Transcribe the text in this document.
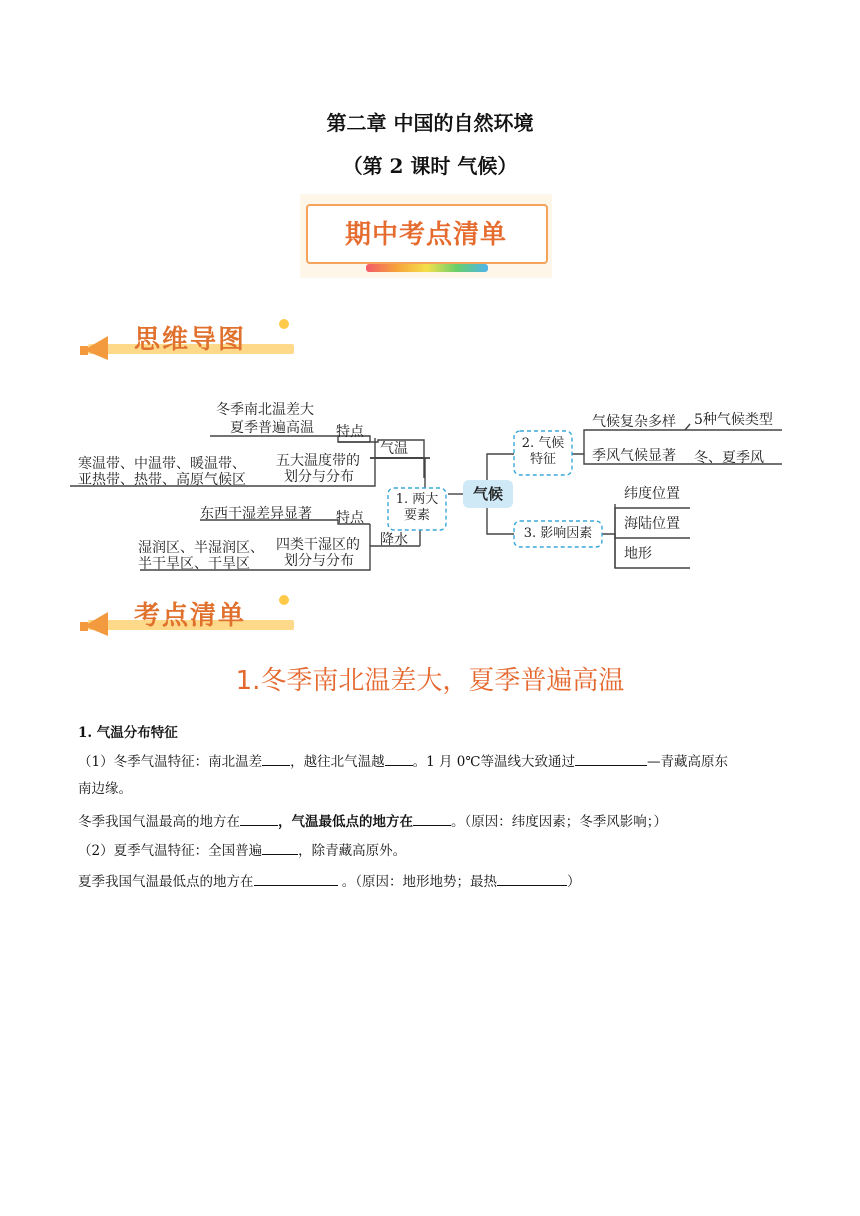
第二章 中国的自然环境
（第 2 课时 气候）
期中考点清单
思维导图
冬季南北温差大
夏季普遍高温 特点
气温
五大温度带的
划分与分布
寒温带、中温带、暖温带、
亚热带、热带、高原气候区
东西干湿差异显著 特点
降水
四类干湿区的
划分与分布
湿润区、半湿润区、
半干旱区、干旱区
1. 两大
要素
气候
2. 气候
特征
3. 影响因素
气候复杂多样 5种气候类型
季风气候显著 冬、夏季风
纬度位置
海陆位置
地形
考点清单
1.冬季南北温差大，夏季普遍高温
1. 气温分布特征
（1）冬季气温特征：南北温差 ，越往北气温越 。1 月 0℃等温线大致通过	—青藏高原东
南边缘。
冬季我国气温最高的地方在	，气温最低点的地方在	。（原因：纬度因素；冬季风影响；）
（2）夏季气温特征：全国普遍	，除青藏高原外。
夏季我国气温最低点的地方在	。（原因：地形地势；最热	）
